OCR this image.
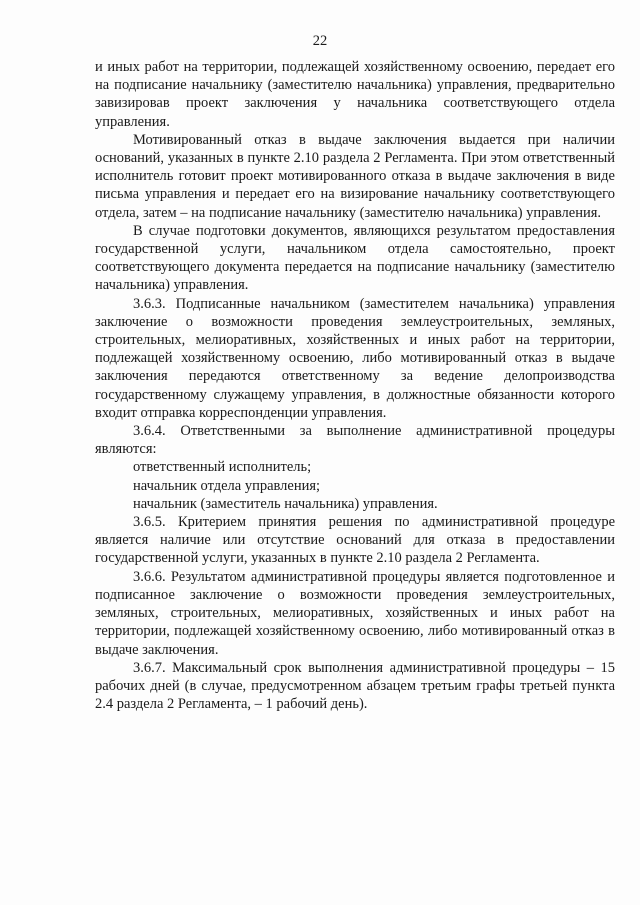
22

и иных работ на территории, подлежащей хозяйственному освоению, передает его на подписание начальнику (заместителю начальника) управления, предварительно завизировав проект заключения у начальника соответствующего отдела управления.

Мотивированный отказ в выдаче заключения выдается при наличии оснований, указанных в пункте 2.10 раздела 2 Регламента. При этом ответственный исполнитель готовит проект мотивированного отказа в выдаче заключения в виде письма управления и передает его на визирование начальнику соответствующего отдела, затем – на подписание начальнику (заместителю начальника) управления.

В случае подготовки документов, являющихся результатом предоставления государственной услуги, начальником отдела самостоятельно, проект соответствующего документа передается на подписание начальнику (заместителю начальника) управления.

3.6.3. Подписанные начальником (заместителем начальника) управления заключение о возможности проведения землеустроительных, земляных, строительных, мелиоративных, хозяйственных и иных работ на территории, подлежащей хозяйственному освоению, либо мотивированный отказ в выдаче заключения передаются ответственному за ведение делопроизводства государственному служащему управления, в должностные обязанности которого входит отправка корреспонденции управления.

3.6.4. Ответственными за выполнение административной процедуры являются:

ответственный исполнитель;

начальник отдела управления;

начальник (заместитель начальника) управления.

3.6.5. Критерием принятия решения по административной процедуре является наличие или отсутствие оснований для отказа в предоставлении государственной услуги, указанных в пункте 2.10 раздела 2 Регламента.

3.6.6. Результатом административной процедуры является подготовленное и подписанное заключение о возможности проведения землеустроительных, земляных, строительных, мелиоративных, хозяйственных и иных работ на территории, подлежащей хозяйственному освоению, либо мотивированный отказ в выдаче заключения.

3.6.7. Максимальный срок выполнения административной процедуры – 15 рабочих дней (в случае, предусмотренном абзацем третьим графы третьей пункта 2.4 раздела 2 Регламента, – 1 рабочий день).
